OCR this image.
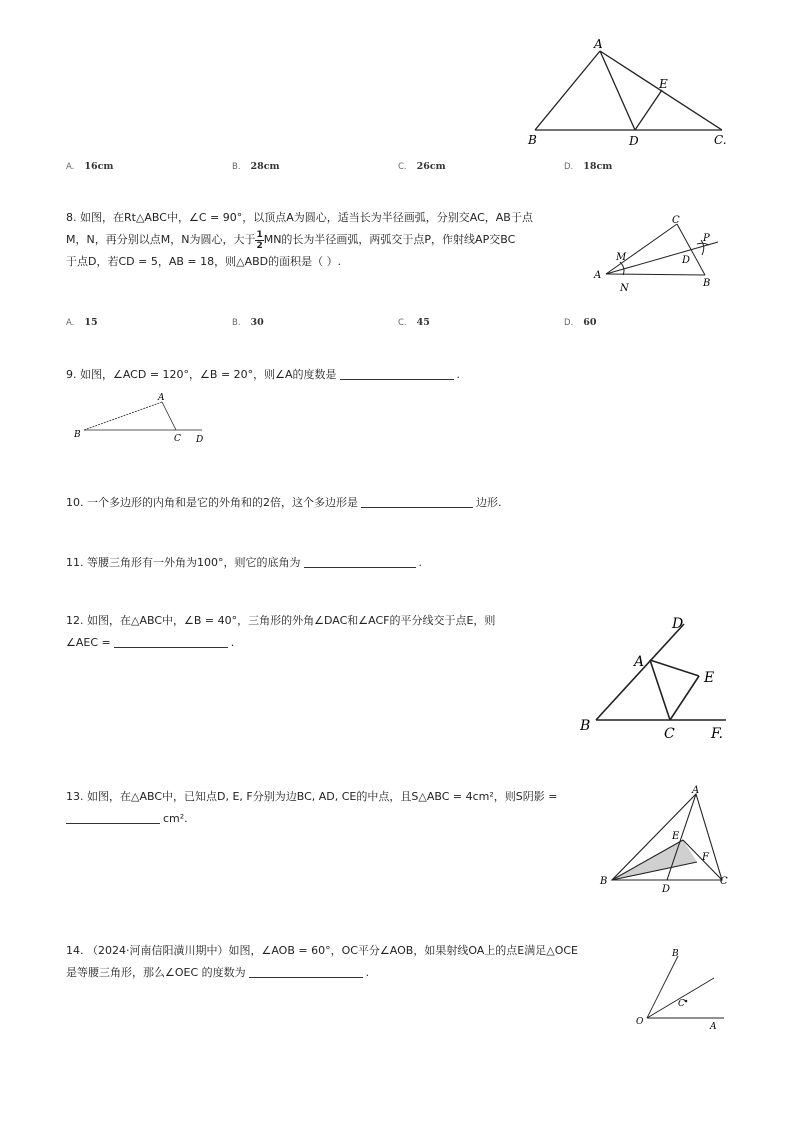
A
B	C.
D
E
A. 16cm	B. 28cm	C. 26cm	D. 18cm
8. 如图，在Rt△ABC中，∠C = 90°，以顶点A为圆心，适当长为半径画弧，分别交AC，AB于点
M，N，再分别以点M，N为圆心，大于 $\frac{1}{2}$ MN的长为半径画弧，两弧交于点P，作射线AP交BC
于点D，若CD = 5，AB = 18，则△ABD的面积是（ ）.
A
B
C
D
M
N
P
A. 15	B. 30	C. 45	D. 60
9. 如图，∠ACD = 120°，∠B = 20°，则∠A的度数是	.
A
B	C D
10. 一个多边形的内角和是它的外角和的2倍，这个多边形是	边形.
11. 等腰三角形有一外角为100°，则它的底角为	.
12. 如图，在△ABC中，∠B = 40°，三角形的外角∠DAC和∠ACF的平分线交于点E，则
∠AEC =	.
A
B	C
D
E
F.
13. 如图，在△ABC中，已知点D, E, F分别为边BC, AD, CE的中点，且S△ABC = 4cm²，则S阴影 =
cm².
A
B	C
D
E
F
14. （2024·河南信阳潢川期中）如图，∠AOB = 60°，OC平分∠AOB，如果射线OA上的点E满足△OCE
是等腰三角形，那么∠OEC 的度数为	.
O	A
B
C
